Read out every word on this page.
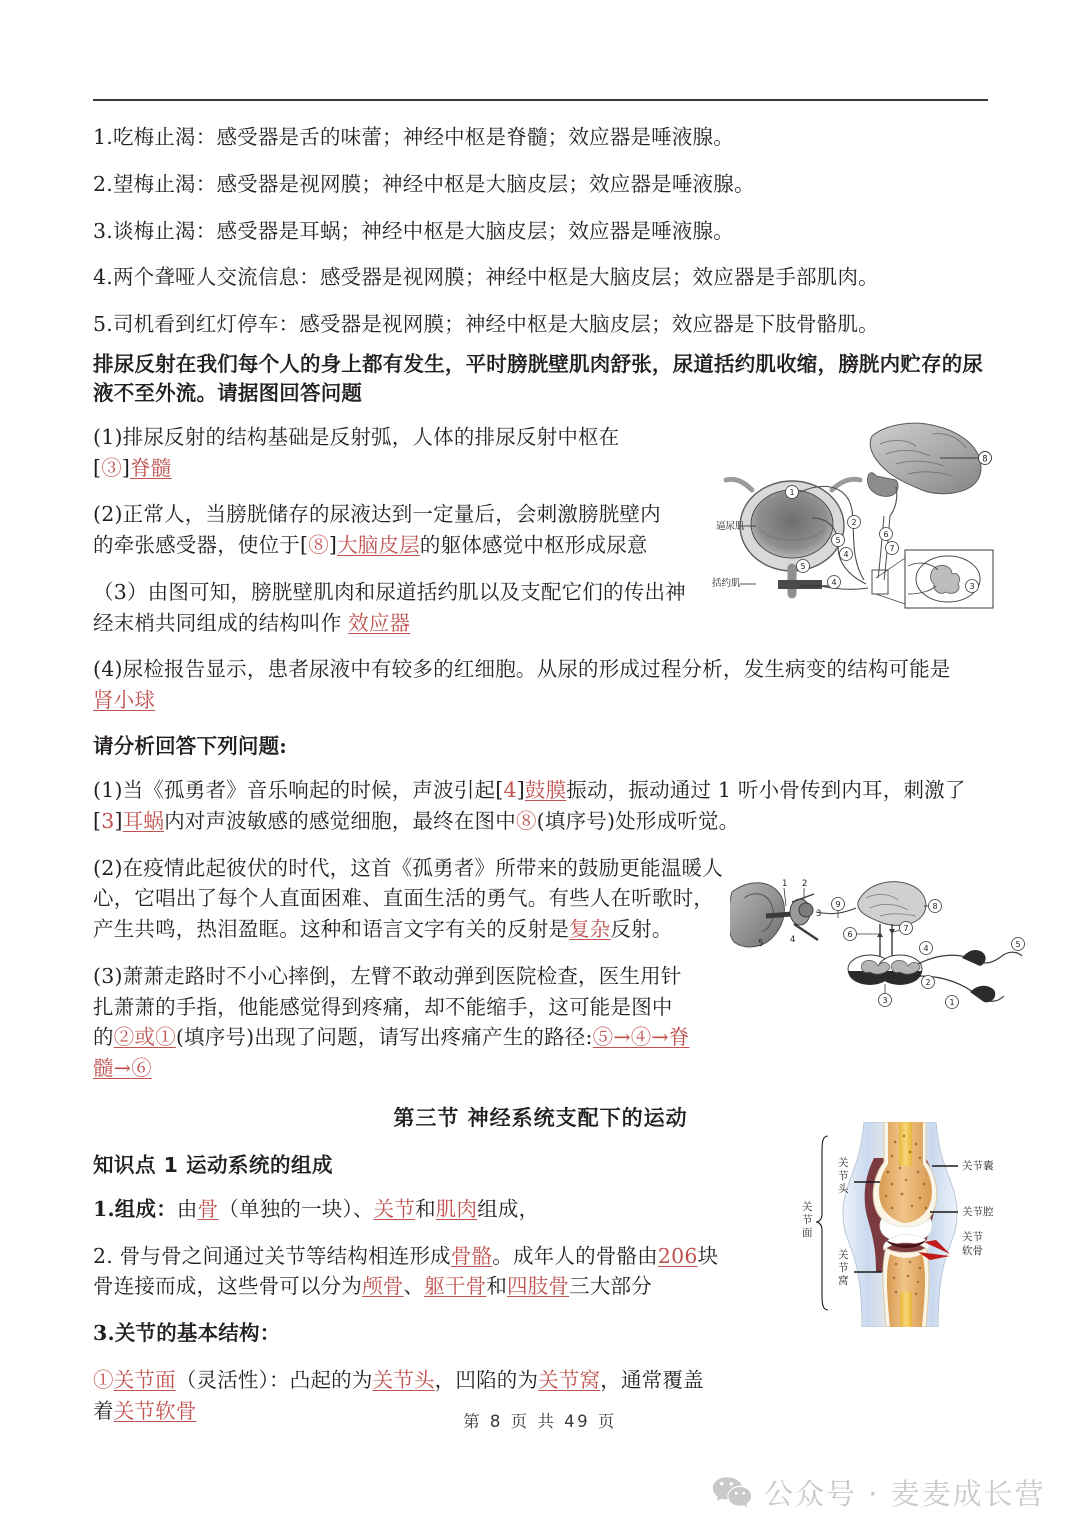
8
逼尿肌
括约肌
1
2
5
4
5
4
6
7
3
1 2
3
4
5
9	8
6
7
3
4	5
2
1
关节囊
关节腔
关节
软骨
关
节
头
关
节
窝
关
节
面

1.吃梅止渴：感受器是舌的味蕾；神经中枢是脊髓；效应器是唾液腺。

2.望梅止渴：感受器是视网膜；神经中枢是大脑皮层；效应器是唾液腺。

3.谈梅止渴：感受器是耳蜗；神经中枢是大脑皮层；效应器是唾液腺。

4.两个聋哑人交流信息：感受器是视网膜；神经中枢是大脑皮层；效应器是手部肌肉。

5.司机看到红灯停车：感受器是视网膜；神经中枢是大脑皮层；效应器是下肢骨骼肌。

排尿反射在我们每个人的身上都有发生，平时膀胱壁肌肉舒张，尿道括约肌收缩，膀胱内贮存的尿液不至外流。请据图回答问题

(1)排尿反射的结构基础是反射弧，人体的排尿反射中枢在
[③]脊髓

(2)正常人，当膀胱储存的尿液达到一定量后，会刺激膀胱壁内的牵张感受器，使位于[⑧]大脑皮层的躯体感觉中枢形成尿意

（3）由图可知，膀胱壁肌肉和尿道括约肌以及支配它们的传出神经末梢共同组成的结构叫作 效应器

(4)尿检报告显示，患者尿液中有较多的红细胞。从尿的形成过程分析，发生病变的结构可能是
肾小球

请分析回答下列问题:

(1)当《孤勇者》音乐响起的时候，声波引起[4]鼓膜振动，振动通过 1 听小骨传到内耳，刺激了[3]耳蜗内对声波敏感的感觉细胞，最终在图中⑧(填序号)处形成听觉。

(2)在疫情此起彼伏的时代，这首《孤勇者》所带来的鼓励更能温暖人心，它唱出了每个人直面困难、直面生活的勇气。有些人在听歌时，产生共鸣，热泪盈眶。这种和语言文字有关的反射是复杂反射。

(3)萧萧走路时不小心摔倒，左臂不敢动弹到医院检查，医生用针扎萧萧的手指，他能感觉得到疼痛，却不能缩手，这可能是图中的②或①(填序号)出现了问题，请写出疼痛产生的路径:⑤→④→脊髓→⑥

第三节 神经系统支配下的运动

知识点 1 运动系统的组成

1.组成：由骨（单独的一块）、关节和肌肉组成，

2. 骨与骨之间通过关节等结构相连形成骨骼。成年人的骨骼由206块骨连接而成，这些骨可以分为颅骨、躯干骨和四肢骨三大部分

3.关节的基本结构：

①关节面（灵活性）：凸起的为关节头，凹陷的为关节窝，通常覆盖着关节软骨	第 8 页 共 49 页
公众号 · 麦麦成长营
